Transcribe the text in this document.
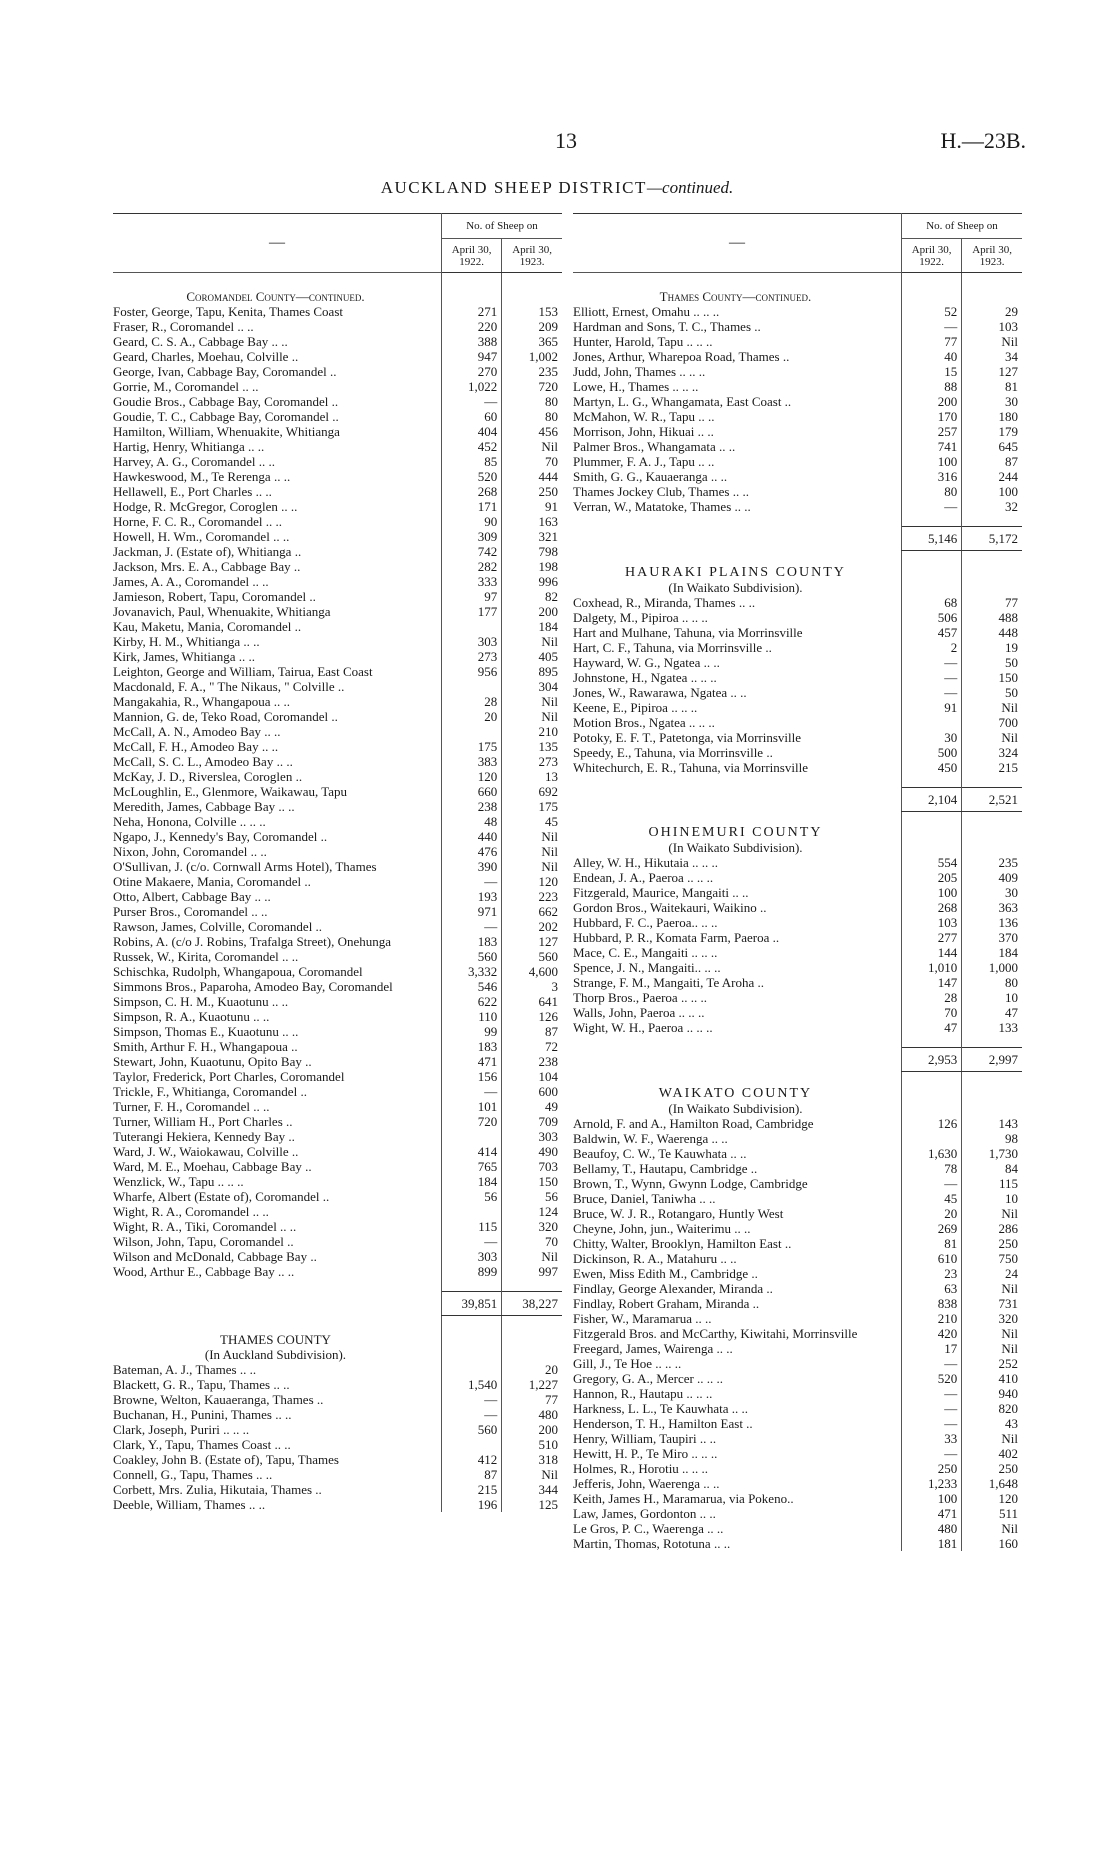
13	H.—23B.
AUCKLAND SHEEP DISTRICT—continued.
—	No. of Sheep on	
	April 30, 1922.	April 30, 1923.

Coromandel County—continued.		
Foster, George, Tapu, Kenita, Thames Coast	271	153
Fraser, R., Coromandel .. ..	220	209
Geard, C. S. A., Cabbage Bay .. ..	388	365
Geard, Charles, Moehau, Colville ..	947	1,002
George, Ivan, Cabbage Bay, Coromandel ..	270	235
Gorrie, M., Coromandel .. ..	1,022	720
Goudie Bros., Cabbage Bay, Coromandel ..	—	80
Goudie, T. C., Cabbage Bay, Coromandel ..	60	80
Hamilton, William, Whenuakite, Whitianga	404	456
Hartig, Henry, Whitianga .. ..	452	Nil
Harvey, A. G., Coromandel .. ..	85	70
Hawkeswood, M., Te Rerenga .. ..	520	444
Hellawell, E., Port Charles .. ..	268	250
Hodge, R. McGregor, Coroglen .. ..	171	91
Horne, F. C. R., Coromandel .. ..	90	163
Howell, H. Wm., Coromandel .. ..	309	321
Jackman, J. (Estate of), Whitianga ..	742	798
Jackson, Mrs. E. A., Cabbage Bay ..	282	198
James, A. A., Coromandel .. ..	333	996
Jamieson, Robert, Tapu, Coromandel ..	97	82
Jovanavich, Paul, Whenuakite, Whitianga	177	200
Kau, Maketu, Mania, Coromandel ..		184
Kirby, H. M., Whitianga .. ..	303	Nil
Kirk, James, Whitianga .. ..	273	405
Leighton, George and William, Tairua, East Coast	956	895
Macdonald, F. A., " The Nikaus, " Colville ..		304
Mangakahia, R., Whangapoua .. ..	28	Nil
Mannion, G. de, Teko Road, Coromandel ..	20	Nil
McCall, A. N., Amodeo Bay .. ..		210
McCall, F. H., Amodeo Bay .. ..	175	135
McCall, S. C. L., Amodeo Bay .. ..	383	273
McKay, J. D., Riverslea, Coroglen ..	120	13
McLoughlin, E., Glenmore, Waikawau, Tapu	660	692
Meredith, James, Cabbage Bay .. ..	238	175
Neha, Honona, Colville .. .. ..	48	45
Ngapo, J., Kennedy's Bay, Coromandel ..	440	Nil
Nixon, John, Coromandel .. ..	476	Nil
O'Sullivan, J. (c/o. Cornwall Arms Hotel), Thames	390	Nil
Otine Makaere, Mania, Coromandel ..	—	120
Otto, Albert, Cabbage Bay .. ..	193	223
Purser Bros., Coromandel .. ..	971	662
Rawson, James, Colville, Coromandel ..	—	202
Robins, A. (c/o J. Robins, Trafalga Street), Onehunga	183	127
Russek, W., Kirita, Coromandel .. ..	560	560
Schischka, Rudolph, Whangapoua, Coromandel	3,332	4,600
Simmons Bros., Paparoha, Amodeo Bay, Coromandel	546	3
Simpson, C. H. M., Kuaotunu .. ..	622	641
Simpson, R. A., Kuaotunu .. ..	110	126
Simpson, Thomas E., Kuaotunu .. ..	99	87
Smith, Arthur F. H., Whangapoua ..	183	72
Stewart, John, Kuaotunu, Opito Bay ..	471	238
Taylor, Frederick, Port Charles, Coromandel	156	104
Trickle, F., Whitianga, Coromandel ..	—	600
Turner, F. H., Coromandel .. ..	101	49
Turner, William H., Port Charles ..	720	709
Tuterangi Hekiera, Kennedy Bay ..		303
Ward, J. W., Waiokawau, Colville ..	414	490
Ward, M. E., Moehau, Cabbage Bay ..	765	703
Wenzlick, W., Tapu .. .. ..	184	150
Wharfe, Albert (Estate of), Coromandel ..	56	56
Wight, R. A., Coromandel .. ..		124
Wight, R. A., Tiki, Coromandel .. ..	115	320
Wilson, John, Tapu, Coromandel ..	—	70
Wilson and McDonald, Cabbage Bay ..	303	Nil
Wood, Arthur E., Cabbage Bay .. ..	899	997

	39,851	38,227

THAMES COUNTY		
(In Auckland Subdivision).		
Bateman, A. J., Thames .. ..		20
Blackett, G. R., Tapu, Thames .. ..	1,540	1,227
Browne, Welton, Kauaeranga, Thames ..	—	77
Buchanan, H., Punini, Thames .. ..	—	480
Clark, Joseph, Puriri .. .. ..	560	200
Clark, Y., Tapu, Thames Coast .. ..		510
Coakley, John B. (Estate of), Tapu, Thames	412	318
Connell, G., Tapu, Thames .. ..	87	Nil
Corbett, Mrs. Zulia, Hikutaia, Thames ..	215	344
Deeble, William, Thames .. ..	196	125
—	No. of Sheep on	
	April 30, 1922.	April 30, 1923.

Thames County—continued.		
Elliott, Ernest, Omahu .. .. ..	52	29
Hardman and Sons, T. C., Thames ..	—	103
Hunter, Harold, Tapu .. .. ..	77	Nil
Jones, Arthur, Wharepoa Road, Thames ..	40	34
Judd, John, Thames .. .. ..	15	127
Lowe, H., Thames .. .. ..	88	81
Martyn, L. G., Whangamata, East Coast ..	200	30
McMahon, W. R., Tapu .. ..	170	180
Morrison, John, Hikuai .. ..	257	179
Palmer Bros., Whangamata .. ..	741	645
Plummer, F. A. J., Tapu .. ..	100	87
Smith, G. G., Kauaeranga .. ..	316	244
Thames Jockey Club, Thames .. ..	80	100
Verran, W., Matatoke, Thames .. ..	—	32

	5,146	5,172
HAURAKI PLAINS COUNTY		
(In Waikato Subdivision).		
Coxhead, R., Miranda, Thames .. ..	68	77
Dalgety, M., Pipiroa .. .. ..	506	488
Hart and Mulhane, Tahuna, via Morrinsville	457	448
Hart, C. F., Tahuna, via Morrinsville ..	2	19
Hayward, W. G., Ngatea .. ..	—	50
Johnstone, H., Ngatea .. .. ..	—	150
Jones, W., Rawarawa, Ngatea .. ..	—	50
Keene, E., Pipiroa .. .. ..	91	Nil
Motion Bros., Ngatea .. .. ..		700
Potoky, E. F. T., Patetonga, via Morrinsville	30	Nil
Speedy, E., Tahuna, via Morrinsville ..	500	324
Whitechurch, E. R., Tahuna, via Morrinsville	450	215

	2,104	2,521
OHINEMURI COUNTY		
(In Waikato Subdivision).		
Alley, W. H., Hikutaia .. .. ..	554	235
Endean, J. A., Paeroa .. .. ..	205	409
Fitzgerald, Maurice, Mangaiti .. ..	100	30
Gordon Bros., Waitekauri, Waikino ..	268	363
Hubbard, F. C., Paeroa.. .. ..	103	136
Hubbard, P. R., Komata Farm, Paeroa ..	277	370
Mace, C. E., Mangaiti .. .. ..	144	184
Spence, J. N., Mangaiti.. .. ..	1,010	1,000
Strange, F. M., Mangaiti, Te Aroha ..	147	80
Thorp Bros., Paeroa .. .. ..	28	10
Walls, John, Paeroa .. .. ..	70	47
Wight, W. H., Paeroa .. .. ..	47	133

	2,953	2,997
WAIKATO COUNTY		
(In Waikato Subdivision).		
Arnold, F. and A., Hamilton Road, Cambridge	126	143
Baldwin, W. F., Waerenga .. ..		98
Beaufoy, C. W., Te Kauwhata .. ..	1,630	1,730
Bellamy, T., Hautapu, Cambridge ..	78	84
Brown, T., Wynn, Gwynn Lodge, Cambridge	—	115
Bruce, Daniel, Taniwha .. ..	45	10
Bruce, W. J. R., Rotangaro, Huntly West	20	Nil
Cheyne, John, jun., Waiterimu .. ..	269	286
Chitty, Walter, Brooklyn, Hamilton East ..	81	250
Dickinson, R. A., Matahuru .. ..	610	750
Ewen, Miss Edith M., Cambridge ..	23	24
Findlay, George Alexander, Miranda ..	63	Nil
Findlay, Robert Graham, Miranda ..	838	731
Fisher, W., Maramarua .. ..	210	320
Fitzgerald Bros. and McCarthy, Kiwitahi, Morrinsville	420	Nil
Freegard, James, Wairenga .. ..	17	Nil
Gill, J., Te Hoe .. .. ..	—	252
Gregory, G. A., Mercer .. .. ..	520	410
Hannon, R., Hautapu .. .. ..	—	940
Harkness, L. L., Te Kauwhata .. ..	—	820
Henderson, T. H., Hamilton East ..	—	43
Henry, William, Taupiri .. ..	33	Nil
Hewitt, H. P., Te Miro .. .. ..	—	402
Holmes, R., Horotiu .. .. ..	250	250
Jefferis, John, Waerenga .. ..	1,233	1,648
Keith, James H., Maramarua, via Pokeno..	100	120
Law, James, Gordonton .. ..	471	511
Le Gros, P. C., Waerenga .. ..	480	Nil
Martin, Thomas, Rototuna .. ..	181	160
